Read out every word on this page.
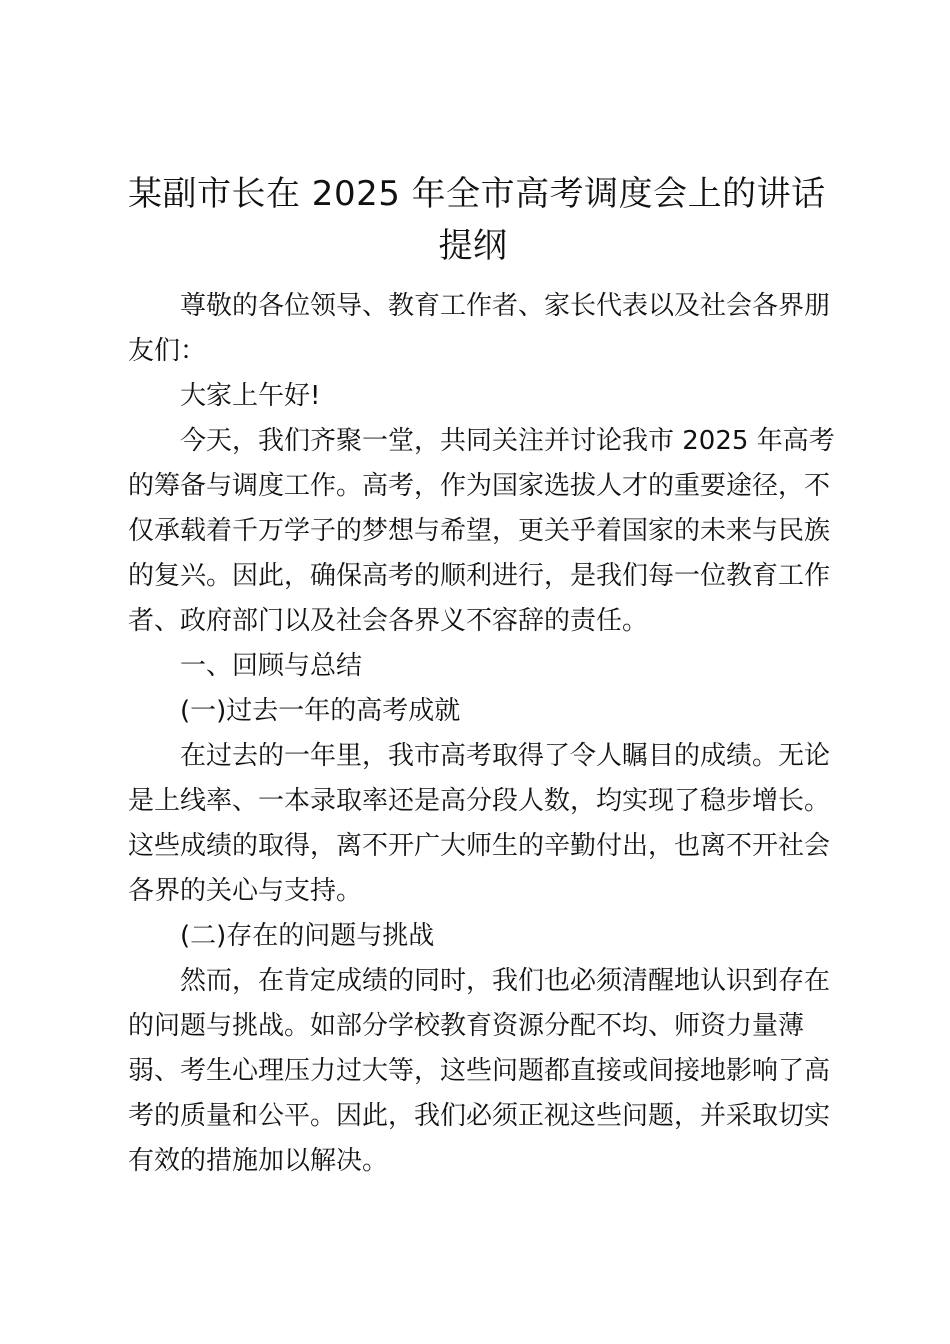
某副市长在 2025 年全市高考调度会上的讲话
提纲

尊敬的各位领导、教育工作者、家长代表以及社会各界朋
友们：

大家上午好!

今天，我们齐聚一堂，共同关注并讨论我市 2025 年高考
的筹备与调度工作。高考，作为国家选拔人才的重要途径，不
仅承载着千万学子的梦想与希望，更关乎着国家的未来与民族
的复兴。因此，确保高考的顺利进行，是我们每一位教育工作
者、政府部门以及社会各界义不容辞的责任。

一、回顾与总结

(一)过去一年的高考成就

在过去的一年里，我市高考取得了令人瞩目的成绩。无论
是上线率、一本录取率还是高分段人数，均实现了稳步增长。
这些成绩的取得，离不开广大师生的辛勤付出，也离不开社会
各界的关心与支持。

(二)存在的问题与挑战

然而，在肯定成绩的同时，我们也必须清醒地认识到存在
的问题与挑战。如部分学校教育资源分配不均、师资力量薄
弱、考生心理压力过大等，这些问题都直接或间接地影响了高
考的质量和公平。因此，我们必须正视这些问题，并采取切实
有效的措施加以解决。
